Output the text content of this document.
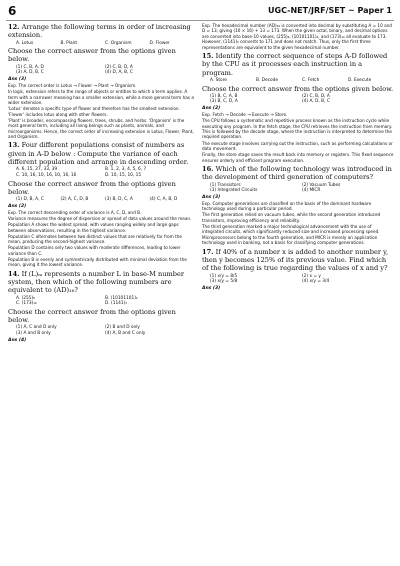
6	UGC-NET/JRF/SET ~ Paper 1
12. Arrange the following terms in order of increasing extension.
A. Lotus	B. Plant	C. Organism	D. Flower
Choose the correct answer from the options given below.
(1) C, B, A, D	(2) C, B, D, A
(3) A, D, B, C	(4) D, A, B, C
Ans (3)

Exp. The correct order is Lotus → Flower → Plant → Organism.

In logic, extension refers to the range of objects or entities to which a term applies. A term with a narrower meaning has a smaller extension, while a more general term has a wider extension.

'Lotus' denotes a specific type of flower and therefore has the smallest extension. 'Flower' includes lotus along with other flowers.

'Plant' is broader, encompassing flowers, trees, shrubs, and herbs. 'Organism' is the most general term, including all living beings such as plants, animals, and microorganisms. Hence, the correct order of increasing extension is Lotus, Flower, Plant, and Organism.

13. Four different populations consist of numbers as given in A-D below : Compute the variance of each different population and arrange in descending order.
A. 6, 15, 27, 33, 39	B. 1, 2, 3, 4, 5, 6, 7
C. 10, 16, 10, 16, 10, 16, 16	D. 10, 15, 10, 15
Choose the correct answer from the options given below.
(1) D, B, A, C	(2) A, C, D, B	(3) B, D, C, A	(4) C, A, B, D
Ans (2)

Exp. The correct descending order of variance is A, C, D, and B.

Variance measures the degree of dispersion or spread of data values around the mean.

Population A shows the widest spread, with values ranging widely and large gaps between observations, resulting in the highest variance.

Population C alternates between two distinct values that are relatively far from the mean, producing the second-highest variance.

Population D contains only two values with moderate differences, leading to lower variance than C.

Population B is evenly and symmetrically distributed with minimal deviation from the mean, giving it the lowest variance.

14. If (L)ₘ represents a number L in base-M number system, then which of the following numbers are equivalent to (AD)₁₆?
A. (255)₈	B. (10101101)₂
C. (173)₁₀	D. (1141)₅
Choose the correct answer from the options given below.
(1) A, C and D only	(2) B and D only
(3) A and B only	(4) A, B and C only
Ans (4)

Exp. The hexadecimal number (AD)₁₆ is converted into decimal by substituting A = 10 and D = 13, giving (10 × 16) + 13 = 173. When the given octal, binary, and decimal options are converted into base-10 values, (255)₈, (10101101)₂, and (173)₁₀ all evaluate to 173. However, (1141)₅ converts to 171 and does not match. Thus, only the first three representations are equivalent to the given hexadecimal number.

15. Identify the correct sequence of steps A-D followed by the CPU as it processes each instruction in a program.
A. Store	B. Decode	C. Fetch	D. Execute
Choose the correct answer from the options given below.
(1) B, C, A, B	(2) C, B, D, A
(3) B, C, D, A	(4) A, D, B, C
Ans (2)

Exp. Fetch → Decode → Execute → Store.

The CPU follows a systematic and repetitive process known as the instruction cycle while executing any program. In the fetch stage, the CPU retrieves the instruction from memory. This is followed by the decode stage, where the instruction is interpreted to determine the required operation.

The execute stage involves carrying out the instruction, such as performing calculations or data movement.

Finally, the store stage saves the result back into memory or registers. This fixed sequence ensures orderly and efficient program execution.

16. Which of the following technology was introduced in the development of third generation of computers?
(1) Transistors	(2) Vacuum Tubes
(3) Integrated Circuits	(4) MICR
Ans (3)

Exp. Computer generations are classified on the basis of the dominant hardware technology used during a particular period.

The first generation relied on vacuum tubes, while the second generation introduced transistors, improving efficiency and reliability.

The third generation marked a major technological advancement with the use of integrated circuits, which significantly reduced size and increased processing speed. Microprocessors belong to the fourth generation, and MICR is merely an application technology used in banking, not a basis for classifying computer generations.

17. If 40% of a number x is added to another number y, then y becomes 125% of its previous value. Find which of the following is true regarding the values of x and y?
(1) x/y = 8/5	(2) x = y
(3) x/y = 5/8	(4) x/y = 3/4
Ans (3)
